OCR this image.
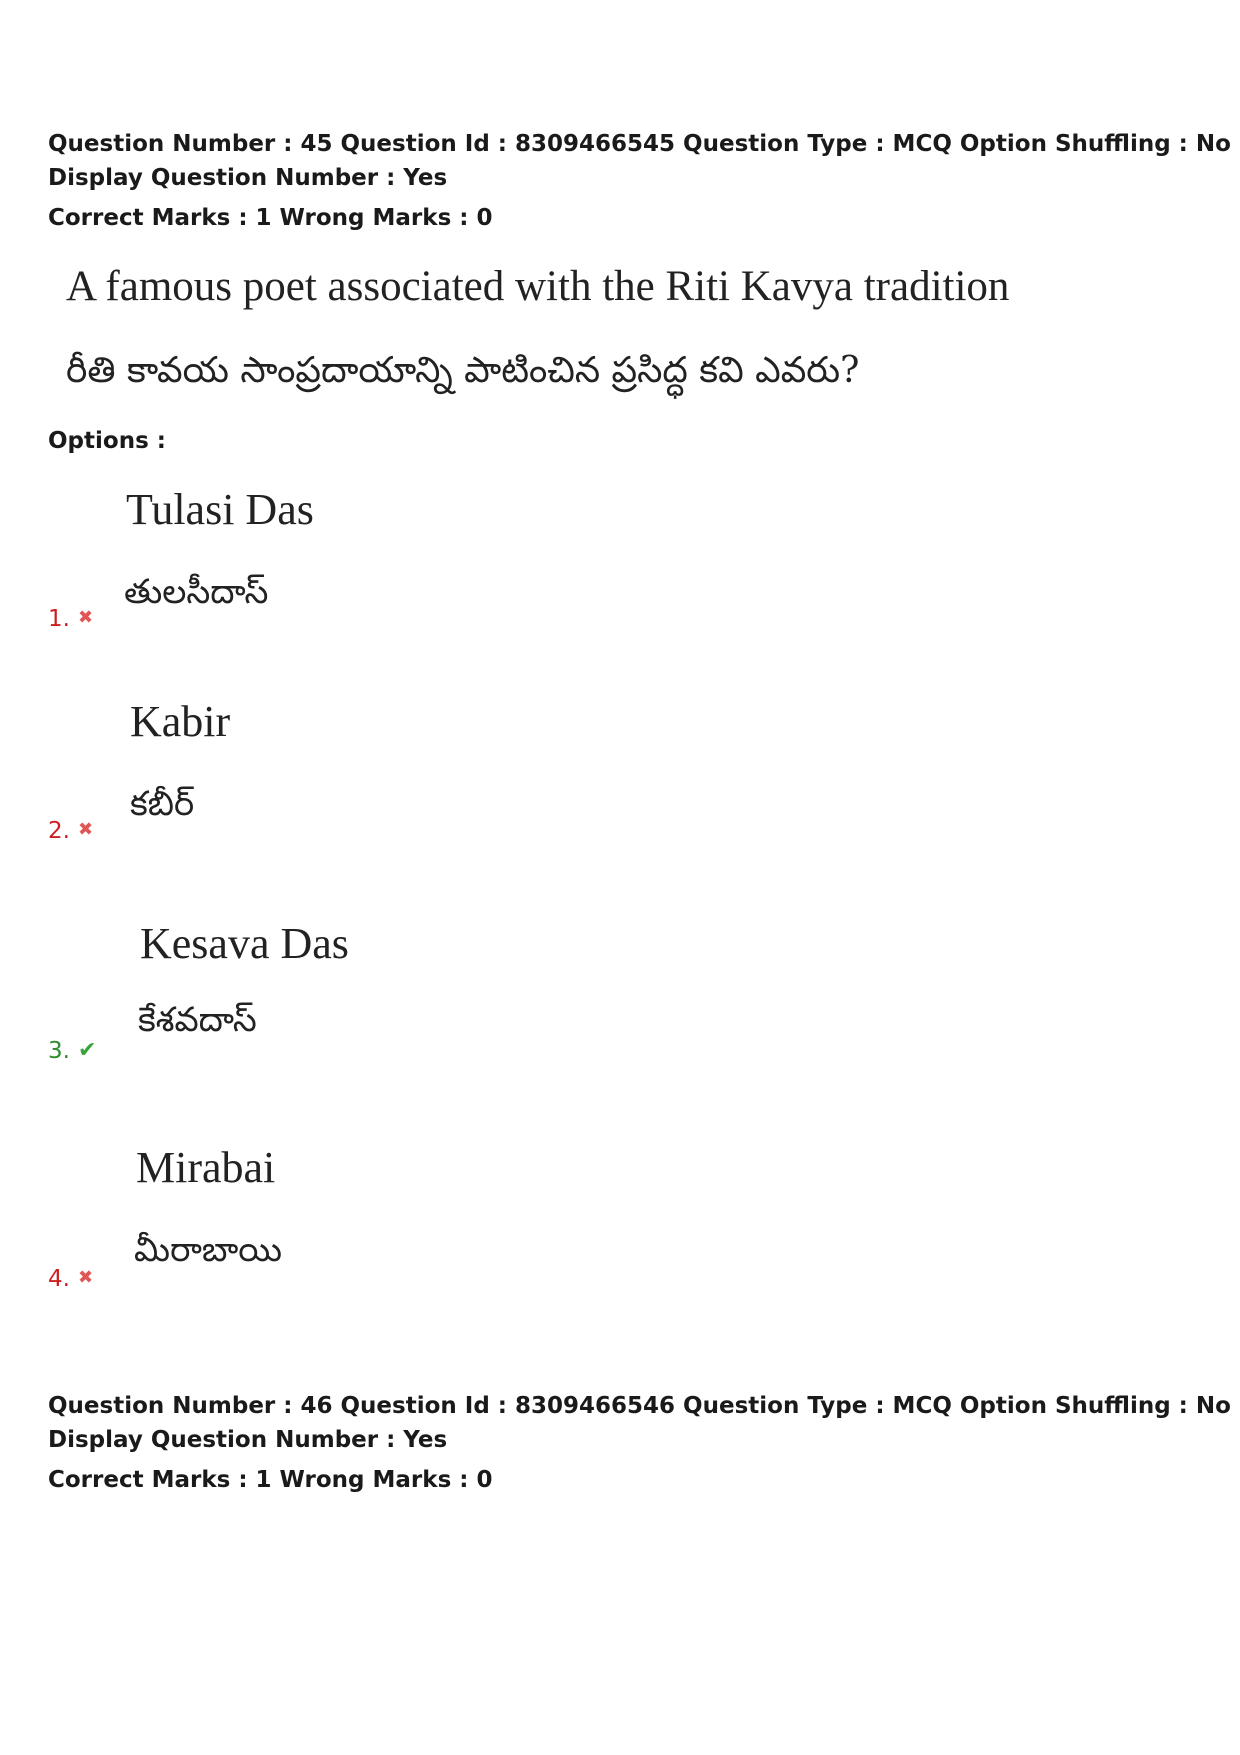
Question Number : 45 Question Id : 8309466545 Question Type : MCQ Option Shuffling : No
Display Question Number : Yes
Correct Marks : 1 Wrong Marks : 0
A famous poet associated with the Riti Kavya tradition
రీతి కావయ సాంప్రదాయాన్ని పాటించిన ప్రసిద్ధ కవి ఎవరు?
Options :
Tulasi Das
తులసీదాస్
1. ✖
Kabir
కబీర్
2. ✖
Kesava Das
కేశవదాస్
3. ✔
Mirabai
మీరాబాయి
4. ✖
Question Number : 46 Question Id : 8309466546 Question Type : MCQ Option Shuffling : No
Display Question Number : Yes
Correct Marks : 1 Wrong Marks : 0
